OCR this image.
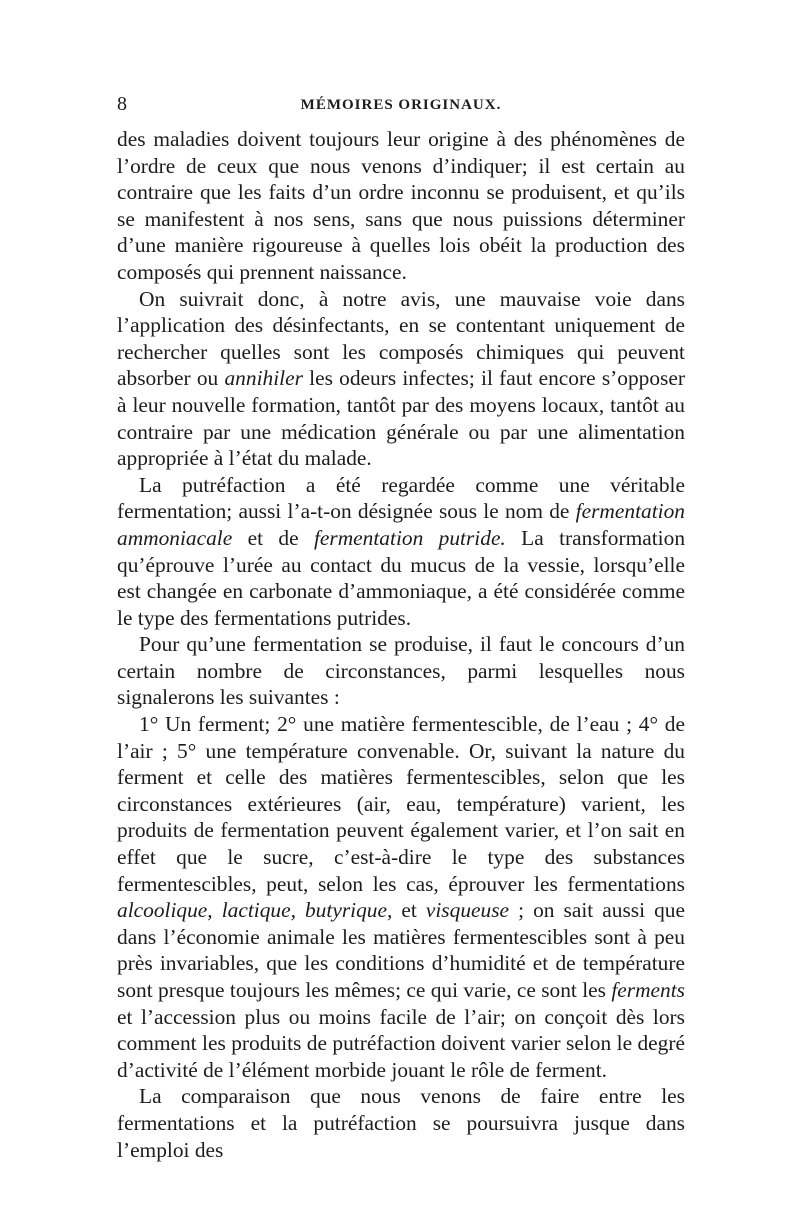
8	MÉMOIRES ORIGINAUX.

des maladies doivent toujours leur origine à des phénomènes de l’ordre de ceux que nous venons d’indiquer; il est certain au contraire que les faits d’un ordre inconnu se produisent, et qu’ils se manifestent à nos sens, sans que nous puissions déterminer d’une manière rigoureuse à quelles lois obéit la production des composés qui prennent naissance.

On suivrait donc, à notre avis, une mauvaise voie dans l’application des désinfectants, en se contentant uniquement de rechercher quelles sont les composés chimiques qui peuvent absorber ou annihiler les odeurs infectes; il faut encore s’opposer à leur nouvelle formation, tantôt par des moyens locaux, tantôt au contraire par une médication générale ou par une alimentation appropriée à l’état du malade.

La putréfaction a été regardée comme une véritable fermentation; aussi l’a-t-on désignée sous le nom de fermentation ammoniacale et de fermentation putride. La transformation qu’éprouve l’urée au contact du mucus de la vessie, lorsqu’elle est changée en carbonate d’ammoniaque, a été considérée comme le type des fermentations putrides.

Pour qu’une fermentation se produise, il faut le concours d’un certain nombre de circonstances, parmi lesquelles nous signalerons les suivantes :

1° Un ferment; 2° une matière fermentescible, de l’eau ; 4° de l’air ; 5° une température convenable. Or, suivant la nature du ferment et celle des matières fermentescibles, selon que les circonstances extérieures (air, eau, température) varient, les produits de fermentation peuvent également varier, et l’on sait en effet que le sucre, c’est-à-dire le type des substances fermentescibles, peut, selon les cas, éprouver les fermentations alcoolique, lactique, butyrique, et visqueuse ; on sait aussi que dans l’économie animale les matières fermentescibles sont à peu près invariables, que les conditions d’humidité et de température sont presque toujours les mêmes; ce qui varie, ce sont les ferments et l’accession plus ou moins facile de l’air; on conçoit dès lors comment les produits de putréfaction doivent varier selon le degré d’activité de l’élément morbide jouant le rôle de ferment.

La comparaison que nous venons de faire entre les fermentations et la putréfaction se poursuivra jusque dans l’emploi des
